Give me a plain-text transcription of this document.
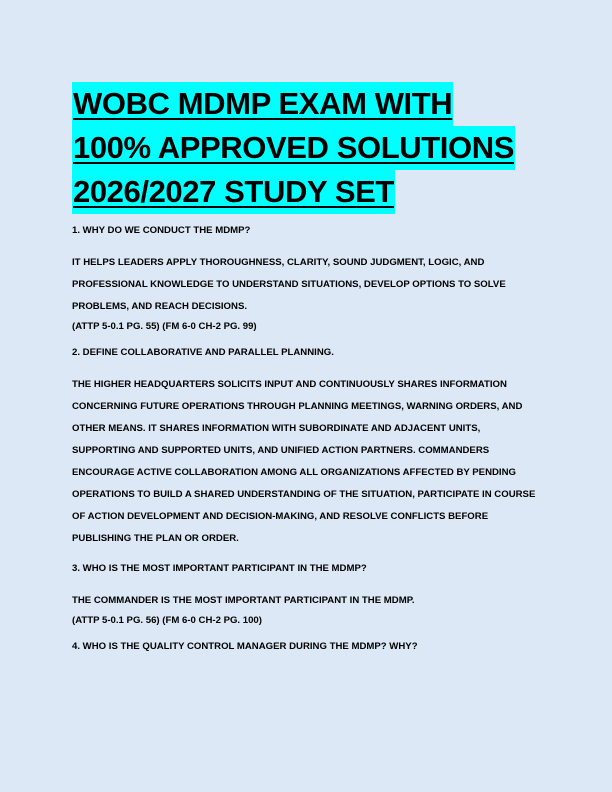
WOBC MDMP EXAM WITH
100% APPROVED SOLUTIONS
2026/2027 STUDY SET

1. WHY DO WE CONDUCT THE MDMP?

IT HELPS LEADERS APPLY THOROUGHNESS, CLARITY, SOUND JUDGMENT, LOGIC, AND PROFESSIONAL KNOWLEDGE TO UNDERSTAND SITUATIONS, DEVELOP OPTIONS TO SOLVE PROBLEMS, AND REACH DECISIONS.
(ATTP 5-0.1 PG. 55) (FM 6-0 CH-2 PG. 99)

2. DEFINE COLLABORATIVE AND PARALLEL PLANNING.

THE HIGHER HEADQUARTERS SOLICITS INPUT AND CONTINUOUSLY SHARES INFORMATION CONCERNING FUTURE OPERATIONS THROUGH PLANNING MEETINGS, WARNING ORDERS, AND OTHER MEANS. IT SHARES INFORMATION WITH SUBORDINATE AND ADJACENT UNITS, SUPPORTING AND SUPPORTED UNITS, AND UNIFIED ACTION PARTNERS. COMMANDERS ENCOURAGE ACTIVE COLLABORATION AMONG ALL ORGANIZATIONS AFFECTED BY PENDING OPERATIONS TO BUILD A SHARED UNDERSTANDING OF THE SITUATION, PARTICIPATE IN COURSE OF ACTION DEVELOPMENT AND DECISION-MAKING, AND RESOLVE CONFLICTS BEFORE PUBLISHING THE PLAN OR ORDER.

3. WHO IS THE MOST IMPORTANT PARTICIPANT IN THE MDMP?

THE COMMANDER IS THE MOST IMPORTANT PARTICIPANT IN THE MDMP.
(ATTP 5-0.1 PG. 56) (FM 6-0 CH-2 PG. 100)

4. WHO IS THE QUALITY CONTROL MANAGER DURING THE MDMP? WHY?
